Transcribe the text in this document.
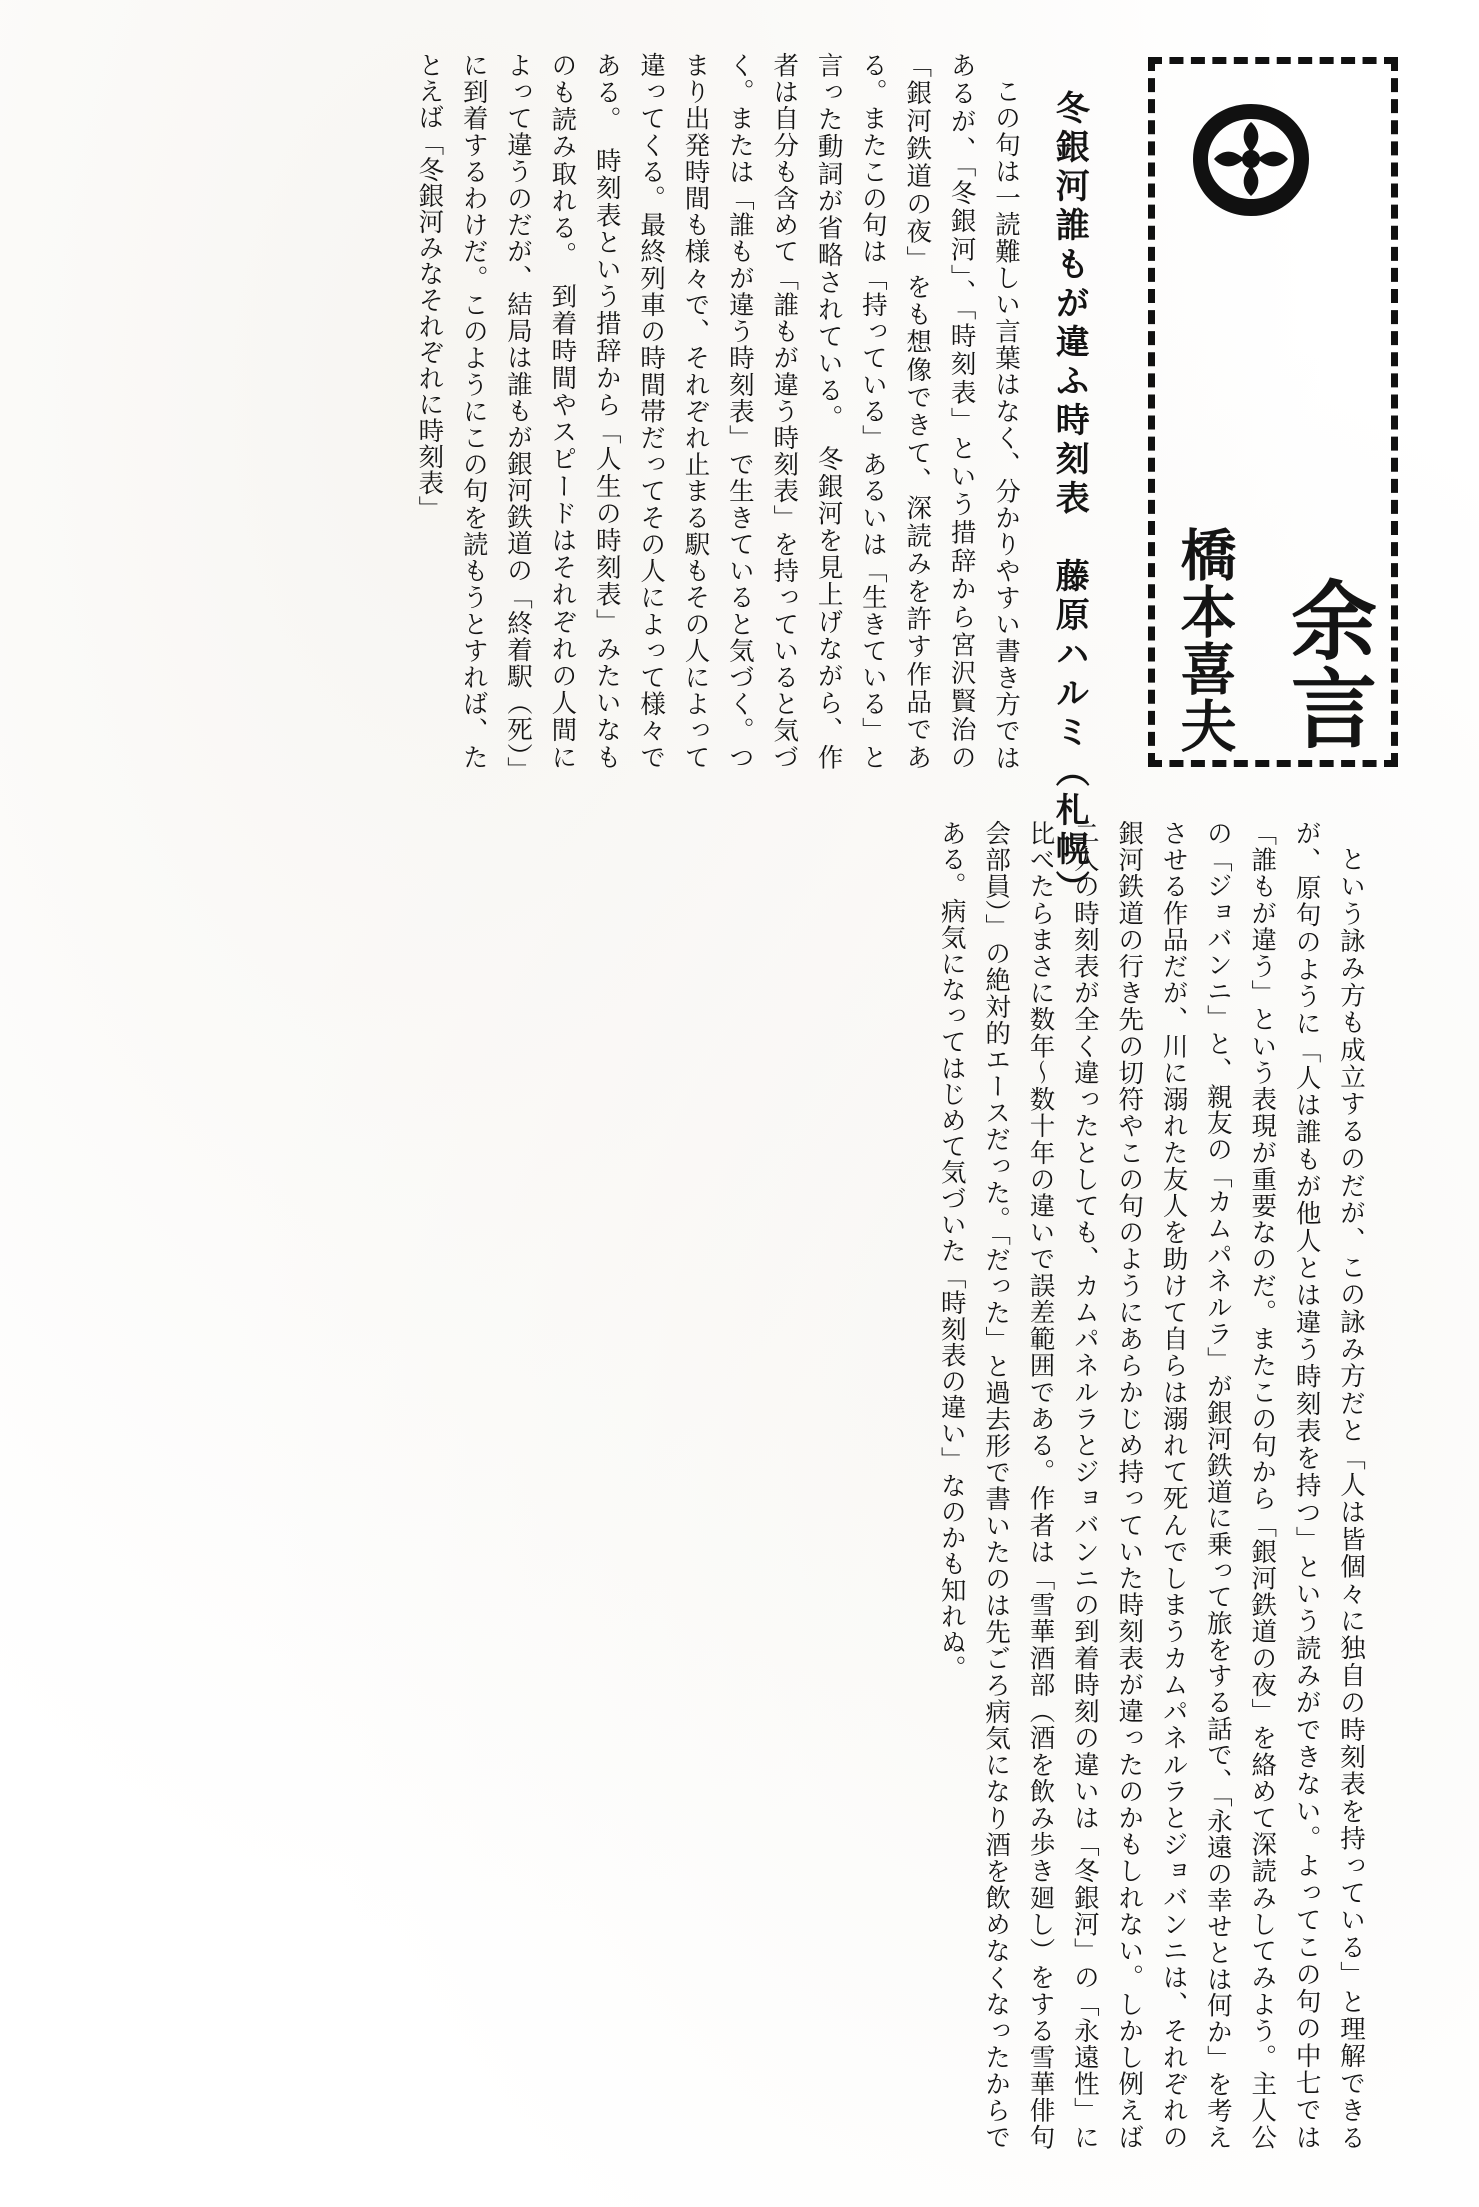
余言
橋本喜夫
冬銀河誰もが違ふ時刻表　藤原ハルミ（札幌）

この句は一読難しい言葉はなく、分かりやすい書き方ではあるが、「冬銀河」、「時刻表」という措辞から宮沢賢治の「銀河鉄道の夜」をも想像できて、深読みを許す作品である。またこの句は「持っている」あるいは「生きている」と言った動詞が省略されている。　冬銀河を見上げながら、作者は自分も含めて「誰もが違う時刻表」を持っていると気づく。または「誰もが違う時刻表」で生きていると気づく。つまり出発時間も様々で、それぞれ止まる駅もその人によって違ってくる。最終列車の時間帯だってその人によって様々である。　時刻表という措辞から「人生の時刻表」みたいなものも読み取れる。　到着時間やスピードはそれぞれの人間によって違うのだが、結局は誰もが銀河鉄道の「終着駅（死）」に到着するわけだ。このようにこの句を読もうとすれば、たとえば「冬銀河みなそれぞれに時刻表」

という詠み方も成立するのだが、この詠み方だと「人は皆個々に独自の時刻表を持っている」と理解できるが、原句のように「人は誰もが他人とは違う時刻表を持つ」という読みができない。よってこの句の中七では「誰もが違う」という表現が重要なのだ。またこの句から「銀河鉄道の夜」を絡めて深読みしてみよう。主人公の「ジョバンニ」と、親友の「カムパネルラ」が銀河鉄道に乗って旅をする話で、「永遠の幸せとは何か」を考えさせる作品だが、川に溺れた友人を助けて自らは溺れて死んでしまうカムパネルラとジョバンニは、それぞれの銀河鉄道の行き先の切符やこの句のようにあらかじめ持っていた時刻表が違ったのかもしれない。しかし例えば二人の時刻表が全く違ったとしても、カムパネルラとジョバンニの到着時刻の違いは「冬銀河」の「永遠性」に比べたらまさに数年～数十年の違いで誤差範囲である。作者は「雪華酒部（酒を飲み歩き廻し）をする雪華俳句会部員）」の絶対的エースだった。「だった」と過去形で書いたのは先ごろ病気になり酒を飲めなくなったからである。病気になってはじめて気づいた「時刻表の違い」なのかも知れぬ。
